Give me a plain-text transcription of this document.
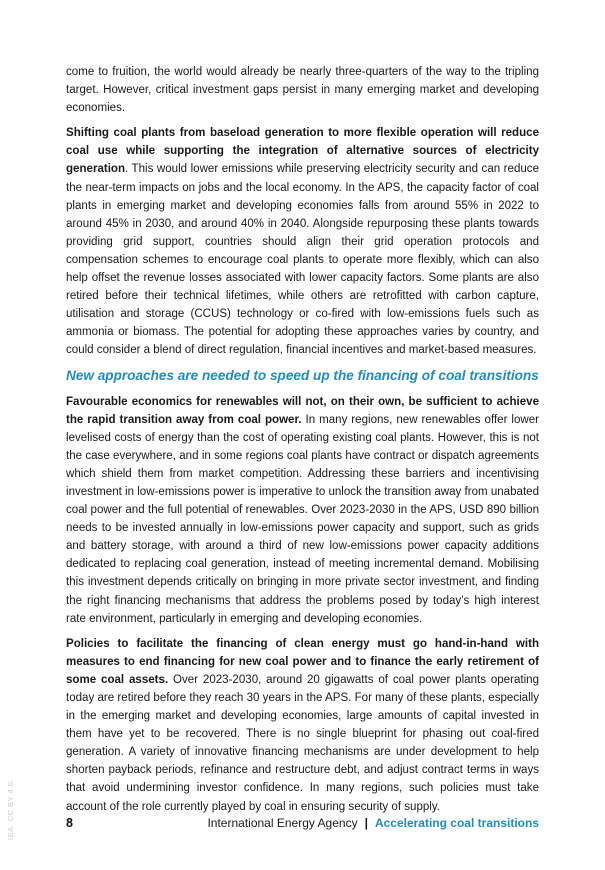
come to fruition, the world would already be nearly three-quarters of the way to the tripling target. However, critical investment gaps persist in many emerging market and developing economies.

Shifting coal plants from baseload generation to more flexible operation will reduce coal use while supporting the integration of alternative sources of electricity generation. This would lower emissions while preserving electricity security and can reduce the near-term impacts on jobs and the local economy. In the APS, the capacity factor of coal plants in emerging market and developing economies falls from around 55% in 2022 to around 45% in 2030, and around 40% in 2040. Alongside repurposing these plants towards providing grid support, countries should align their grid operation protocols and compensation schemes to encourage coal plants to operate more flexibly, which can also help offset the revenue losses associated with lower capacity factors. Some plants are also retired before their technical lifetimes, while others are retrofitted with carbon capture, utilisation and storage (CCUS) technology or co-fired with low-emissions fuels such as ammonia or biomass. The potential for adopting these approaches varies by country, and could consider a blend of direct regulation, financial incentives and market-based measures.

New approaches are needed to speed up the financing of coal transitions

Favourable economics for renewables will not, on their own, be sufficient to achieve the rapid transition away from coal power. In many regions, new renewables offer lower levelised costs of energy than the cost of operating existing coal plants. However, this is not the case everywhere, and in some regions coal plants have contract or dispatch agreements which shield them from market competition. Addressing these barriers and incentivising investment in low-emissions power is imperative to unlock the transition away from unabated coal power and the full potential of renewables. Over 2023-2030 in the APS, USD 890 billion needs to be invested annually in low-emissions power capacity and support, such as grids and battery storage, with around a third of new low-emissions power capacity additions dedicated to replacing coal generation, instead of meeting incremental demand. Mobilising this investment depends critically on bringing in more private sector investment, and finding the right financing mechanisms that address the problems posed by today’s high interest rate environment, particularly in emerging and developing economies.

Policies to facilitate the financing of clean energy must go hand-in-hand with measures to end financing for new coal power and to finance the early retirement of some coal assets. Over 2023-2030, around 20 gigawatts of coal power plants operating today are retired before they reach 30 years in the APS. For many of these plants, especially in the emerging market and developing economies, large amounts of capital invested in them have yet to be recovered. There is no single blueprint for phasing out coal-fired generation. A variety of innovative financing mechanisms are under development to help shorten payback periods, refinance and restructure debt, and adjust contract terms in ways that avoid undermining investor confidence. In many regions, such policies must take account of the role currently played by coal in ensuring security of supply.

IEA. CC BY 4.0.	8	International Energy Agency | Accelerating coal transitions
